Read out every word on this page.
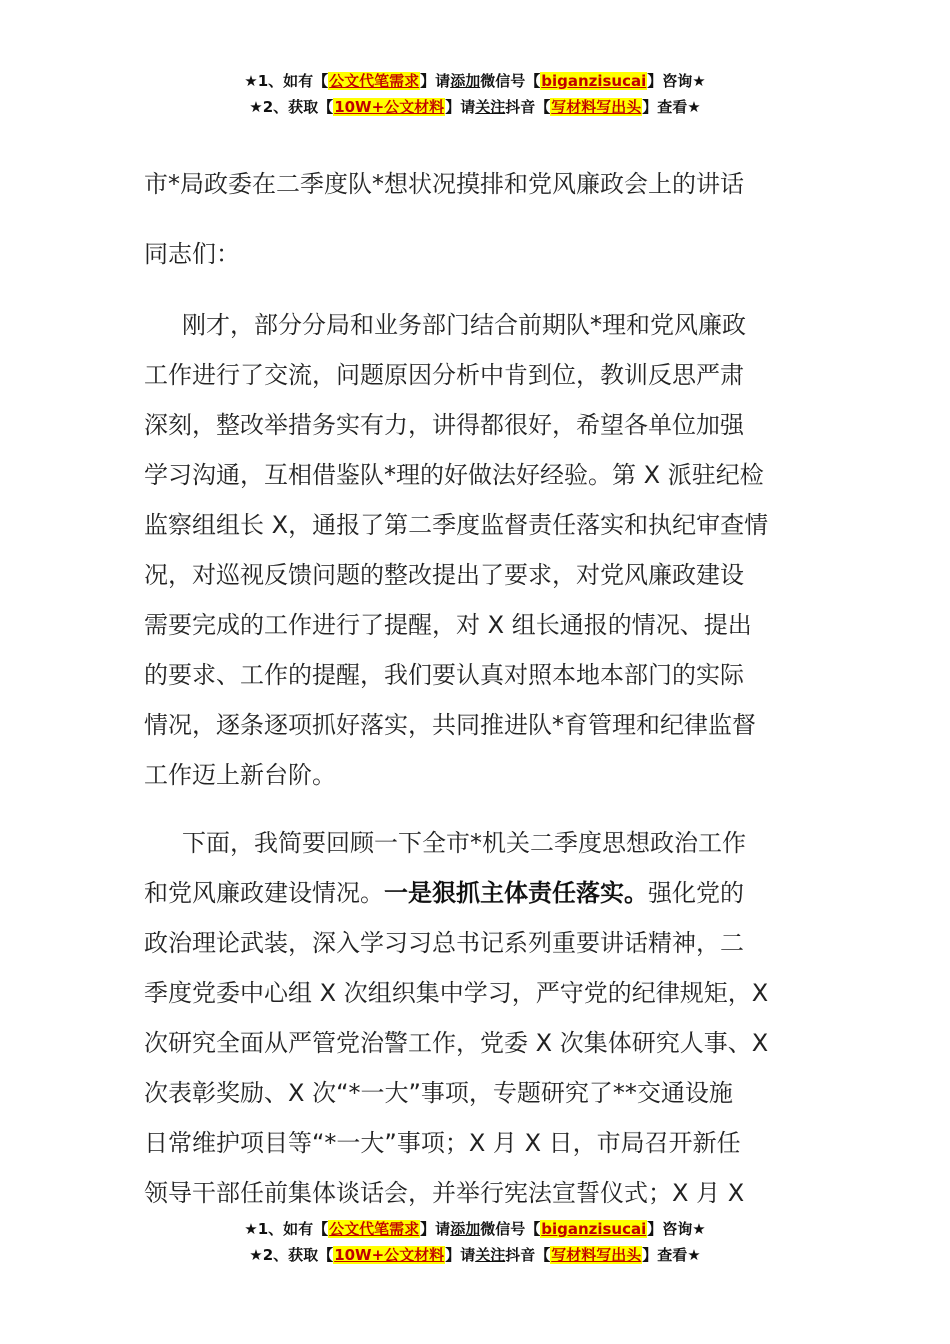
★1、如有【公文代笔需求】请添加微信号【biganzisucai】咨询★
★2、获取【10W+公文材料】请关注抖音【写材料写出头】查看★
市*局政委在二季度队*想状况摸排和党风廉政会上的讲话
同志们：
刚才，部分分局和业务部门结合前期队*理和党风廉政
工作进行了交流，问题原因分析中肯到位，教训反思严肃
深刻，整改举措务实有力，讲得都很好，希望各单位加强
学习沟通，互相借鉴队*理的好做法好经验。第 X 派驻纪检
监察组组长 X，通报了第二季度监督责任落实和执纪审查情
况，对巡视反馈问题的整改提出了要求，对党风廉政建设
需要完成的工作进行了提醒，对 X 组长通报的情况、提出
的要求、工作的提醒，我们要认真对照本地本部门的实际
情况，逐条逐项抓好落实，共同推进队*育管理和纪律监督
工作迈上新台阶。
下面，我简要回顾一下全市*机关二季度思想政治工作
和党风廉政建设情况。一是狠抓主体责任落实。强化党的
政治理论武装，深入学习习总书记系列重要讲话精神，二
季度党委中心组 X 次组织集中学习，严守党的纪律规矩，X
次研究全面从严管党治警工作，党委 X 次集体研究人事、X
次表彰奖励、X 次“*一大”事项，专题研究了**交通设施
日常维护项目等“*一大”事项；X 月 X 日，市局召开新任
领导干部任前集体谈话会，并举行宪法宣誓仪式；X 月 X
★1、如有【公文代笔需求】请添加微信号【biganzisucai】咨询★
★2、获取【10W+公文材料】请关注抖音【写材料写出头】查看★
